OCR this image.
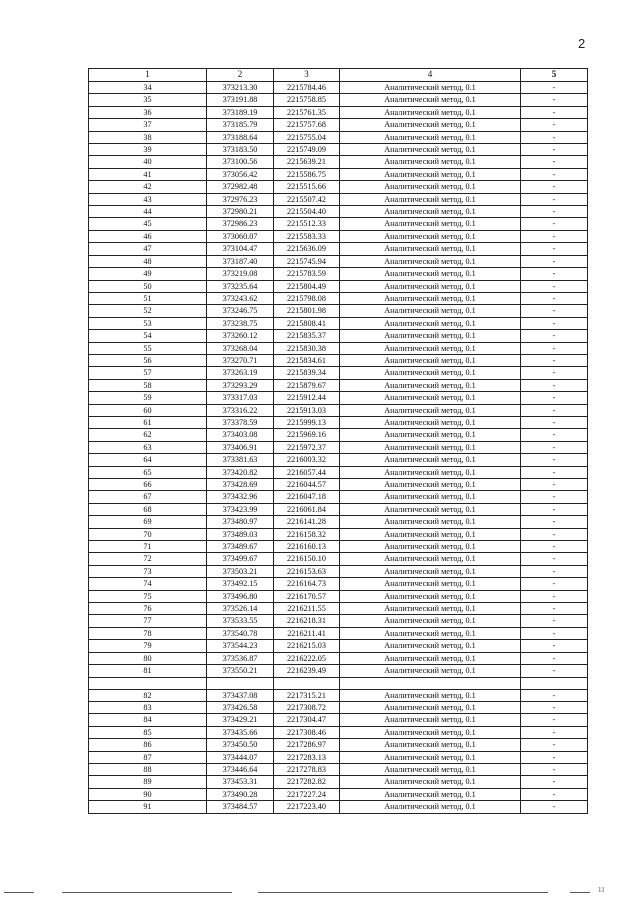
2
1	2	3	4	5
34	373213.30	2215784.46	Аналитический метод, 0.1	-
35	373191.88	2215758.85	Аналитический метод, 0.1	-
36	373189.19	2215761.35	Аналитический метод, 0.1	-
37	373185.79	2215757.68	Аналитический метод, 0.1	-
38	373188.64	2215755.04	Аналитический метод, 0.1	-
39	373183.50	2215749.09	Аналитический метод, 0.1	-
40	373100.56	2215639.21	Аналитический метод, 0.1	-
41	373056.42	2215586.75	Аналитический метод, 0.1	-
42	372982.48	2215515.66	Аналитический метод, 0.1	-
43	372976.23	2215507.42	Аналитический метод, 0.1	-
44	372980.21	2215504.40	Аналитический метод, 0.1	-
45	372986.23	2215512.33	Аналитический метод, 0.1	-
46	373060.07	2215583.33	Аналитический метод, 0.1	-
47	373104.47	2215636.09	Аналитический метод, 0.1	-
48	373187.40	2215745.94	Аналитический метод, 0.1	-
49	373219.08	2215783.59	Аналитический метод, 0.1	-
50	373235.64	2215804.49	Аналитический метод, 0.1	-
51	373243.62	2215798.08	Аналитический метод, 0.1	-
52	373246.75	2215801.98	Аналитический метод, 0.1	-
53	373238.75	2215808.41	Аналитический метод, 0.1	-
54	373260.12	2215835.37	Аналитический метод, 0.1	-
55	373268.04	2215830.38	Аналитический метод, 0.1	-
56	373270.71	2215834.61	Аналитический метод, 0.1	-
57	373263.19	2215839.34	Аналитический метод, 0.1	-
58	373293.29	2215879.67	Аналитический метод, 0.1	-
59	373317.03	2215912.44	Аналитический метод, 0.1	-
60	373316.22	2215913.03	Аналитический метод, 0.1	-
61	373378.59	2215999.13	Аналитический метод, 0.1	-
62	373403.08	2215969.16	Аналитический метод, 0.1	-
63	373406.91	2215972.37	Аналитический метод, 0.1	-
64	373381.63	2216003.32	Аналитический метод, 0.1	-
65	373420.82	2216057.44	Аналитический метод, 0.1	-
66	373428.69	2216044.57	Аналитический метод, 0.1	-
67	373432.96	2216047.18	Аналитический метод, 0.1	-
68	373423.99	2216061.84	Аналитический метод, 0.1	-
69	373480.97	2216141.28	Аналитический метод, 0.1	-
70	373489.03	2216158.32	Аналитический метод, 0.1	-
71	373489.67	2216160.13	Аналитический метод, 0.1	-
72	373499.67	2216150.10	Аналитический метод, 0.1	-
73	373503.21	2216153.63	Аналитический метод, 0.1	-
74	373492.15	2216164.73	Аналитический метод, 0.1	-
75	373496.80	2216170.57	Аналитический метод, 0.1	-
76	373526.14	2216211.55	Аналитический метод, 0.1	-
77	373533.55	2216218.31	Аналитический метод, 0.1	-
78	373540.78	2216211.41	Аналитический метод, 0.1	-
79	373544.23	2216215.03	Аналитический метод, 0.1	-
80	373536.87	2216222.05	Аналитический метод, 0.1	-
81	373550.21	2216239.49	Аналитический метод, 0.1	-

82	373437.08	2217315.21	Аналитический метод, 0.1	-
83	373426.58	2217308.72	Аналитический метод, 0.1	-
84	373429.21	2217304.47	Аналитический метод, 0.1	-
85	373435.66	2217308.46	Аналитический метод, 0.1	-
86	373450.50	2217286.97	Аналитический метод, 0.1	-
87	373444.07	2217283.13	Аналитический метод, 0.1	-
88	373446.64	2217278.83	Аналитический метод, 0.1	-
89	373453.31	2217282.82	Аналитический метод, 0.1	-
90	373490.28	2217227.24	Аналитический метод, 0.1	-
91	373484.57	2217223.40	Аналитический метод, 0.1	-
11
